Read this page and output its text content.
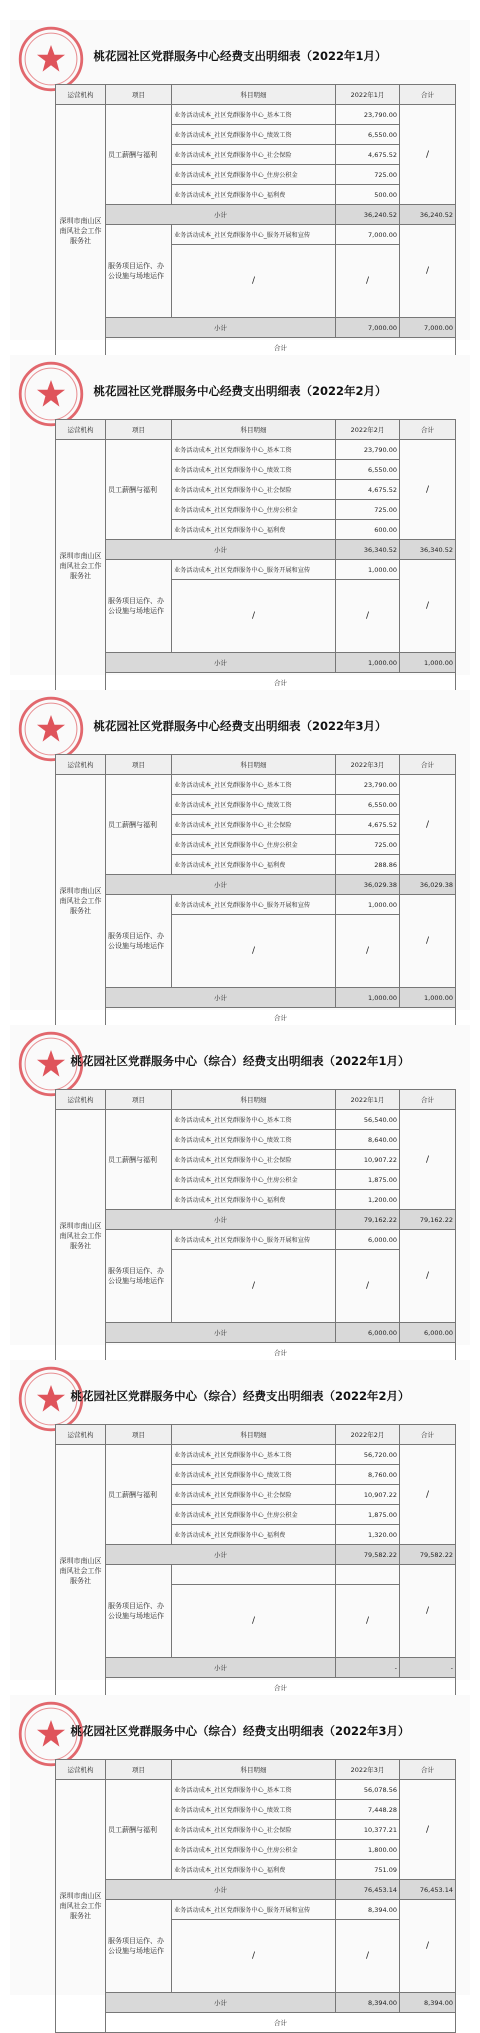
桃花园社区党群服务中心经费支出明细表（2022年1月）
运营机构	项目	科目明细	2022年1月	合计	
深圳市南山区南风社会工作服务社	员工薪酬与福利	业务活动成本_社区党群服务中心_基本工资	23,790.00	/	
		业务活动成本_社区党群服务中心_绩效工资	6,550.00		
		业务活动成本_社区党群服务中心_社会保险	4,675.52		
		业务活动成本_社区党群服务中心_住房公积金	725.00		
		业务活动成本_社区党群服务中心_福利费	500.00		
	小计		36,240.52	36,240.52	
	服务项目运作、办公设施与场地运作	业务活动成本_社区党群服务中心_服务开展和宣传	7,000.00	/	
		/	/		
	小计		7,000.00	7,000.00	
	合计	
桃花园社区党群服务中心经费支出明细表（2022年2月）
运营机构	项目	科目明细	2022年2月	合计	
深圳市南山区南风社会工作服务社	员工薪酬与福利	业务活动成本_社区党群服务中心_基本工资	23,790.00	/	
		业务活动成本_社区党群服务中心_绩效工资	6,550.00		
		业务活动成本_社区党群服务中心_社会保险	4,675.52		
		业务活动成本_社区党群服务中心_住房公积金	725.00		
		业务活动成本_社区党群服务中心_福利费	600.00		
	小计		36,340.52	36,340.52	
	服务项目运作、办公设施与场地运作	业务活动成本_社区党群服务中心_服务开展和宣传	1,000.00	/	
		/	/		
	小计		1,000.00	1,000.00	
	合计	
桃花园社区党群服务中心经费支出明细表（2022年3月）
运营机构	项目	科目明细	2022年3月	合计	
深圳市南山区南风社会工作服务社	员工薪酬与福利	业务活动成本_社区党群服务中心_基本工资	23,790.00	/	
		业务活动成本_社区党群服务中心_绩效工资	6,550.00		
		业务活动成本_社区党群服务中心_社会保险	4,675.52		
		业务活动成本_社区党群服务中心_住房公积金	725.00		
		业务活动成本_社区党群服务中心_福利费	288.86		
	小计		36,029.38	36,029.38	
	服务项目运作、办公设施与场地运作	业务活动成本_社区党群服务中心_服务开展和宣传	1,000.00	/	
		/	/		
	小计		1,000.00	1,000.00	
	合计	
桃花园社区党群服务中心（综合）经费支出明细表（2022年1月）
运营机构	项目	科目明细	2022年1月	合计	
深圳市南山区南风社会工作服务社	员工薪酬与福利	业务活动成本_社区党群服务中心_基本工资	56,540.00	/	
		业务活动成本_社区党群服务中心_绩效工资	8,640.00		
		业务活动成本_社区党群服务中心_社会保险	10,907.22		
		业务活动成本_社区党群服务中心_住房公积金	1,875.00		
		业务活动成本_社区党群服务中心_福利费	1,200.00		
	小计		79,162.22	79,162.22	
	服务项目运作、办公设施与场地运作	业务活动成本_社区党群服务中心_服务开展和宣传	6,000.00	/	
		/	/		
	小计		6,000.00	6,000.00	
	合计	
桃花园社区党群服务中心（综合）经费支出明细表（2022年2月）
运营机构	项目	科目明细	2022年2月	合计	
深圳市南山区南风社会工作服务社	员工薪酬与福利	业务活动成本_社区党群服务中心_基本工资	56,720.00	/	
		业务活动成本_社区党群服务中心_绩效工资	8,760.00		
		业务活动成本_社区党群服务中心_社会保险	10,907.22		
		业务活动成本_社区党群服务中心_住房公积金	1,875.00		
		业务活动成本_社区党群服务中心_福利费	1,320.00		
	小计		79,582.22	79,582.22	
	服务项目运作、办公设施与场地运作			/	
		/	/		
	小计		-	-	
	合计	
桃花园社区党群服务中心（综合）经费支出明细表（2022年3月）
运营机构	项目	科目明细	2022年3月	合计	
深圳市南山区南风社会工作服务社	员工薪酬与福利	业务活动成本_社区党群服务中心_基本工资	56,078.56	/	
		业务活动成本_社区党群服务中心_绩效工资	7,448.28		
		业务活动成本_社区党群服务中心_社会保险	10,377.21		
		业务活动成本_社区党群服务中心_住房公积金	1,800.00		
		业务活动成本_社区党群服务中心_福利费	751.09		
	小计		76,453.14	76,453.14	
	服务项目运作、办公设施与场地运作	业务活动成本_社区党群服务中心_服务开展和宣传	8,394.00	/	
		/	/		
	小计		8,394.00	8,394.00	
	合计	
